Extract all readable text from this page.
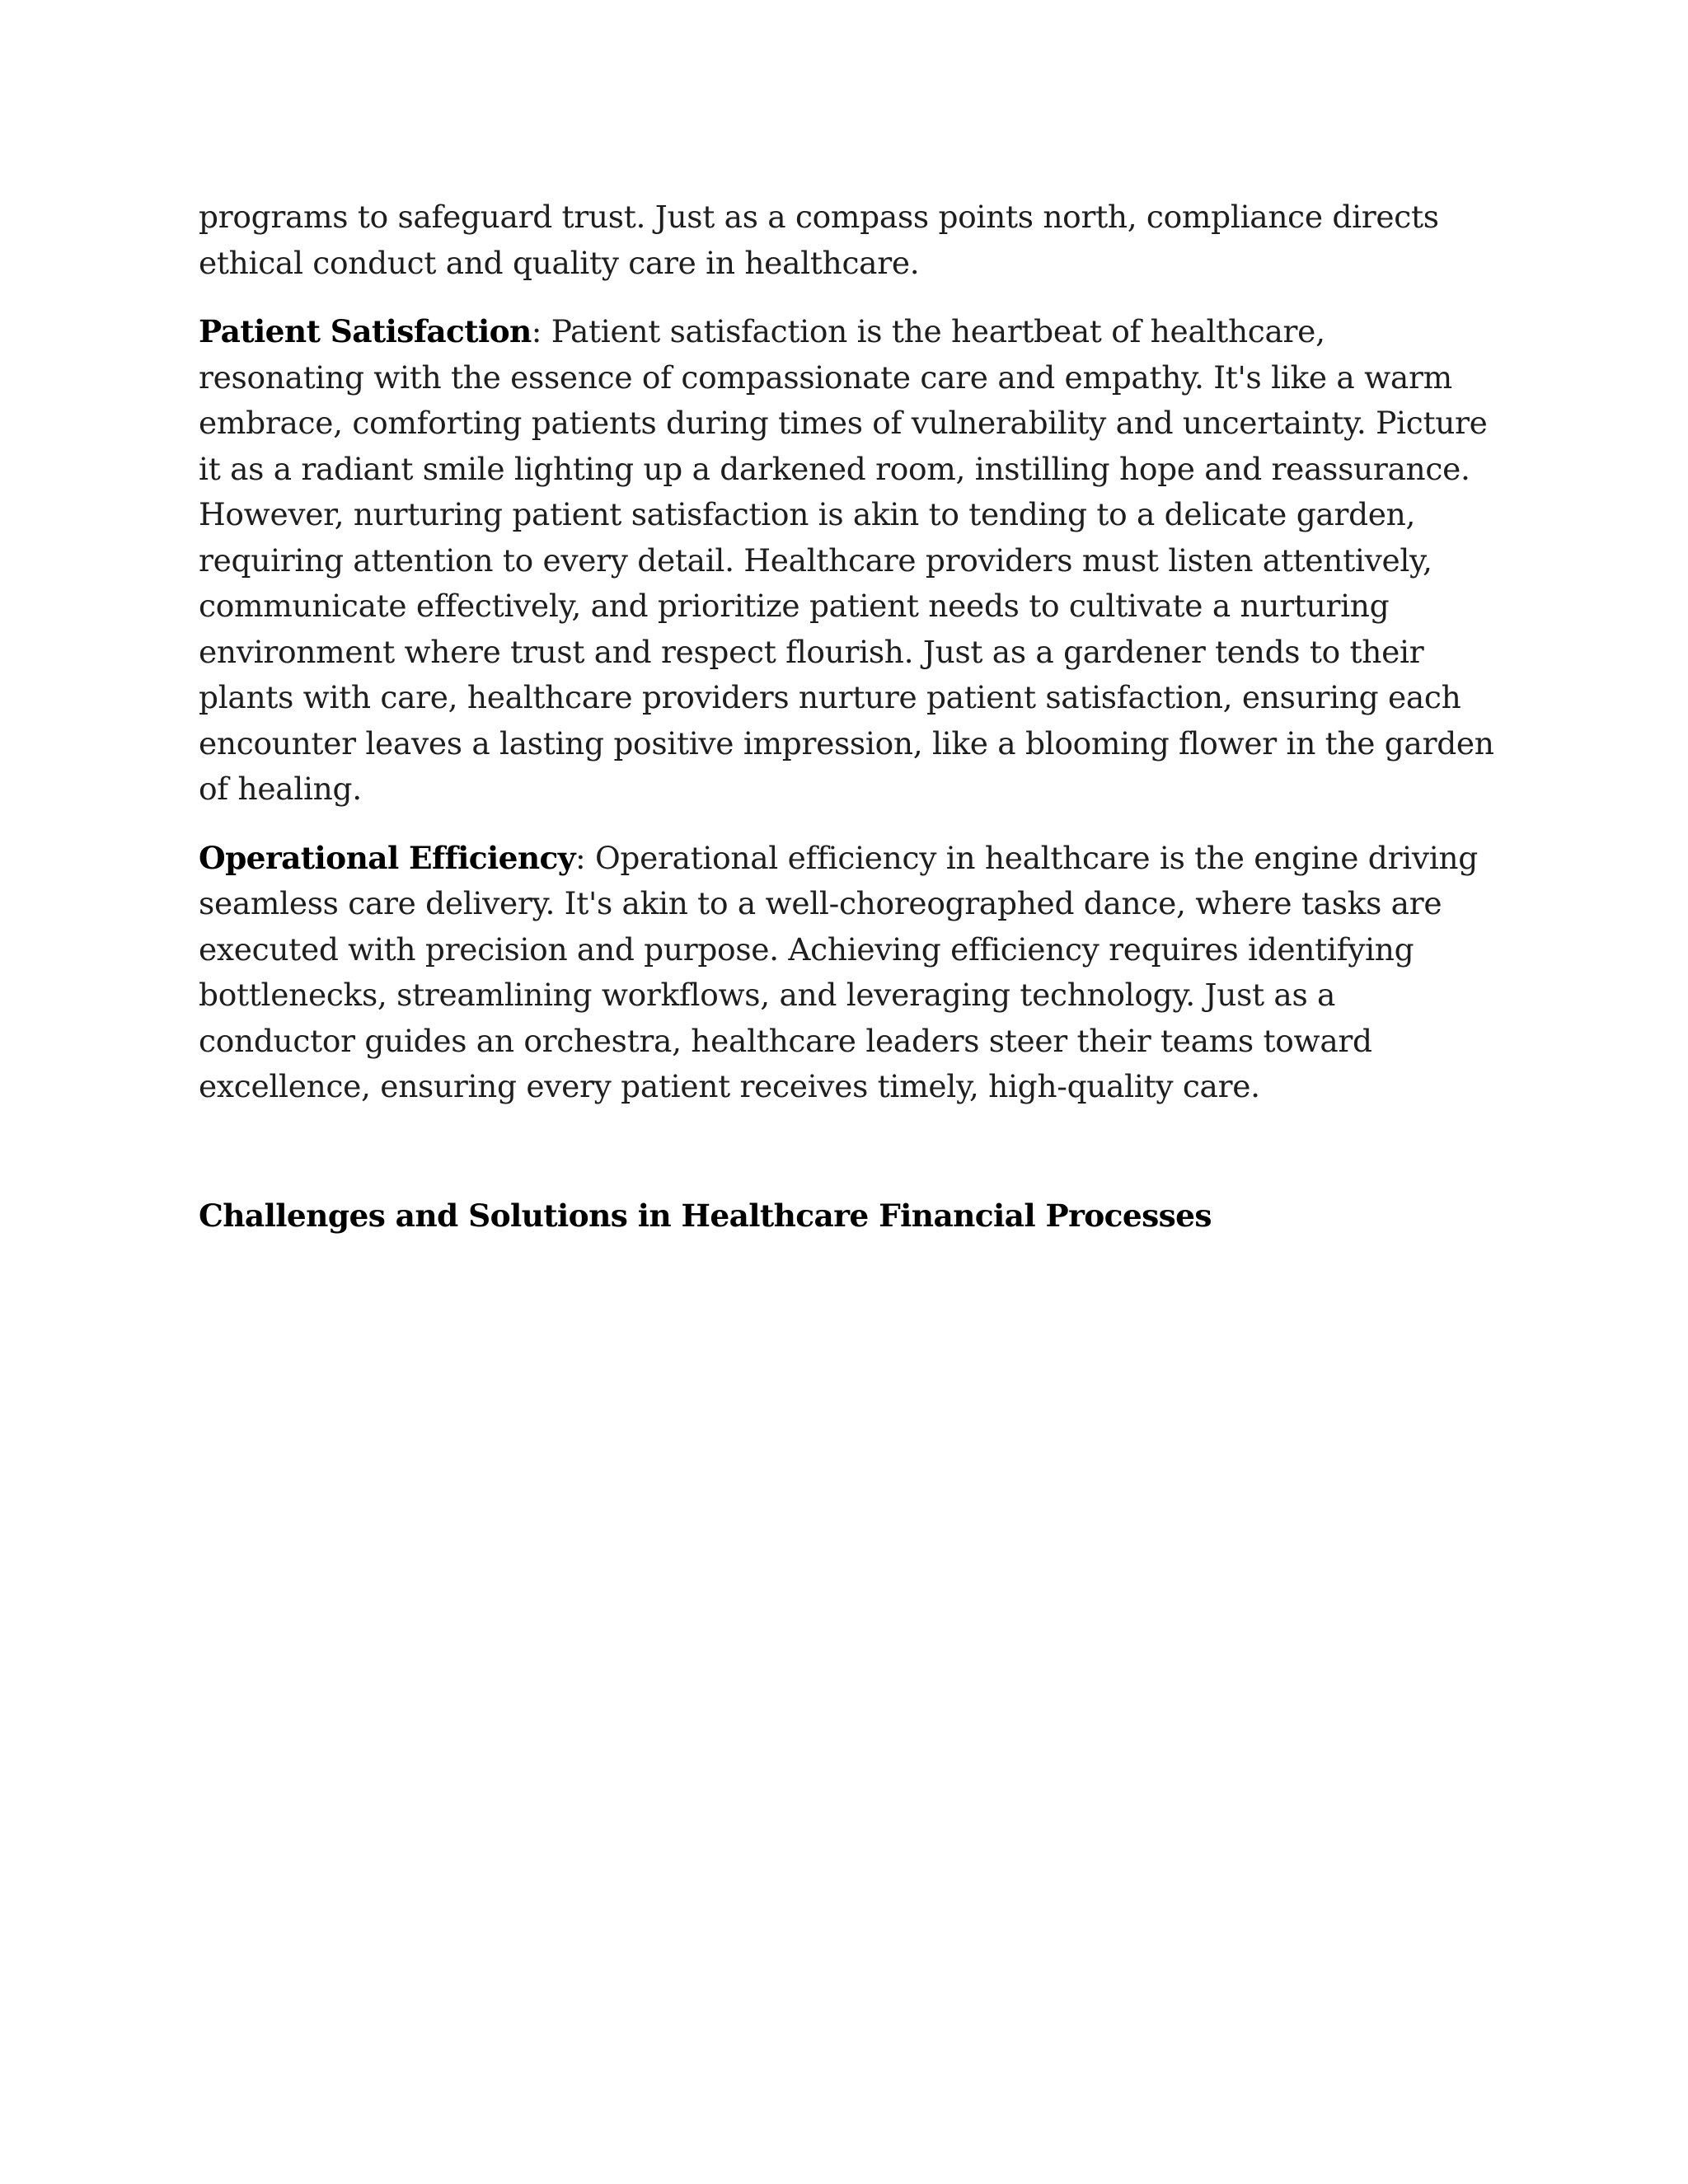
programs to safeguard trust. Just as a compass points north, compliance directs ethical conduct and quality care in healthcare.

Patient Satisfaction: Patient satisfaction is the heartbeat of healthcare, resonating with the essence of compassionate care and empathy. It's like a warm embrace, comforting patients during times of vulnerability and uncertainty. Picture it as a radiant smile lighting up a darkened room, instilling hope and reassurance. However, nurturing patient satisfaction is akin to tending to a delicate garden, requiring attention to every detail. Healthcare providers must listen attentively, communicate effectively, and prioritize patient needs to cultivate a nurturing environment where trust and respect flourish. Just as a gardener tends to their plants with care, healthcare providers nurture patient satisfaction, ensuring each encounter leaves a lasting positive impression, like a blooming flower in the garden of healing.

Operational Efficiency: Operational efficiency in healthcare is the engine driving seamless care delivery. It's akin to a well-choreographed dance, where tasks are executed with precision and purpose. Achieving efficiency requires identifying bottlenecks, streamlining workflows, and leveraging technology. Just as a conductor guides an orchestra, healthcare leaders steer their teams toward excellence, ensuring every patient receives timely, high-quality care.

Challenges and Solutions in Healthcare Financial Processes
